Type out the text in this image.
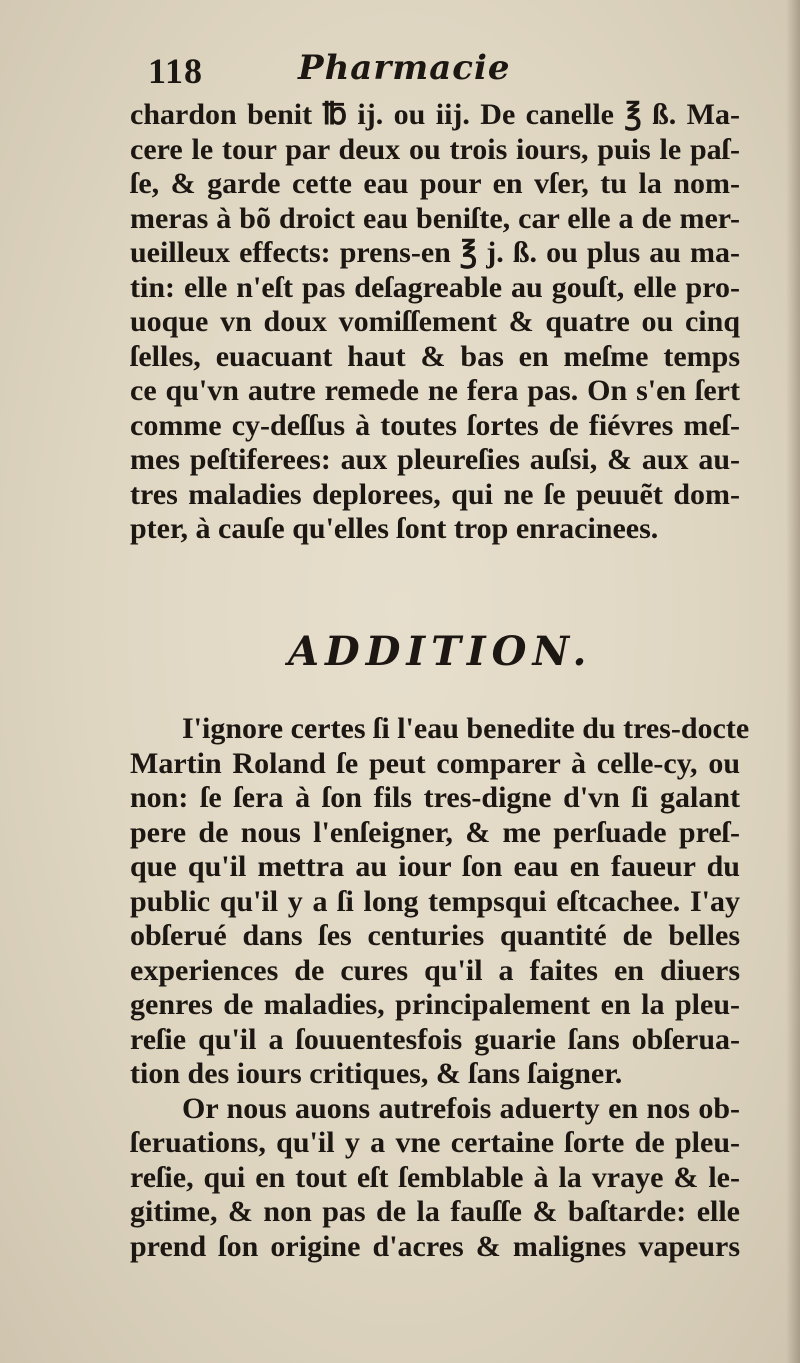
118	Pharmacie
chardon benit ℔ ij. ou iij. De canelle ℥ ß. Ma-
cere le tour par deux ou trois iours, puis le paſ-
ſe, & garde cette eau pour en vſer, tu la nom-
meras à bõ droict eau beniſte, car elle a de mer-
ueilleux effects: prens-en ℥ j. ß. ou plus au ma-
tin: elle n'eſt pas deſagreable au gouſt, elle pro-
uoque vn doux vomiſſement & quatre ou cinq
ſelles, euacuant haut & bas en meſme temps
ce qu'vn autre remede ne fera pas. On s'en ſert
comme cy-deſſus à toutes ſortes de fiévres meſ-
mes peſtiferees: aux pleureſies auſsi, & aux au-
tres maladies deplorees, qui ne ſe peuuẽt dom-
pter, à cauſe qu'elles ſont trop enracinees.
ADDITION.
I'ignore certes ſi l'eau benedite du tres-docte
Martin Roland ſe peut comparer à celle-cy, ou
non: ſe ſera à ſon fils tres-digne d'vn ſi galant
pere de nous l'enſeigner, & me perſuade preſ-
que qu'il mettra au iour ſon eau en faueur du
public qu'il y a ſi long tempsqui eſtcachee. I'ay
obſerué dans ſes centuries quantité de belles
experiences de cures qu'il a faites en diuers
genres de maladies, principalement en la pleu-
reſie qu'il a ſouuentesfois guarie ſans obſerua-
tion des iours critiques, & ſans ſaigner.
Or nous auons autrefois aduerty en nos ob-
ſeruations, qu'il y a vne certaine ſorte de pleu-
reſie, qui en tout eſt ſemblable à la vraye & le-
gitime, & non pas de la fauſſe & baſtarde: elle
prend ſon origine d'acres & malignes vapeurs
